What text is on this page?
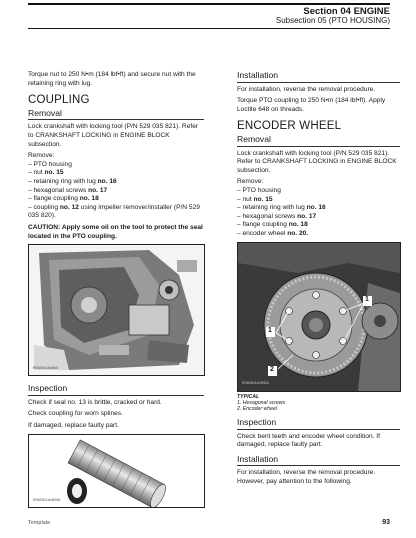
Section 04 ENGINE
Subsection 05 (PTO HOUSING)

Torque nut to 250 N•m (184 lbf•ft) and secure nut with the retaining ring with lug.

COUPLING
Removal

Lock crankshaft with locking tool (P/N 529 035 821). Refer to CRANKSHAFT LOCKING in ENGINE BLOCK subsection.

Remove:

– PTO housing
– nut no. 15
– retaining ring with lug no. 16
– hexagonal screws no. 17
– flange coupling no. 18
– coupling no. 12 using impeller remover/installer (P/N 529 035 820).

CAUTION: Apply some oil on the tool to protect the seal located in the PTO coupling.

RS63Sv1ch3N0
Inspection

Check if seal no. 13 is brittle, cracked or hard.

Check coupling for worn splines.

If damaged, replace faulty part.

RS63Sv1ch3N0A
Installation

For installation, reverse the removal procedure.

Torque PTO coupling to 250 N•m (184 lbf•ft). Apply Loctite 648 on threads.

ENCODER WHEEL
Removal

Lock crankshaft with locking tool (P/N 529 035 821). Refer to CRANKSHAFT LOCKING in ENGINE BLOCK subsection.

Remove:

– PTO housing
– nut no. 15
– retaining ring with lug no. 16
– hexagonal screws no. 17
– flange coupling no. 18
– encoder wheel no. 20.
1
1
2
RS63Sv1ch3N04
TYPICAL
1. Hexagonal screws
2. Encoder wheel
Inspection

Check bent teeth and encoder wheel condition. If damaged, replace faulty part.

Installation

For installation, reverse the removal procedure. However, pay attention to the following.

Template	93
